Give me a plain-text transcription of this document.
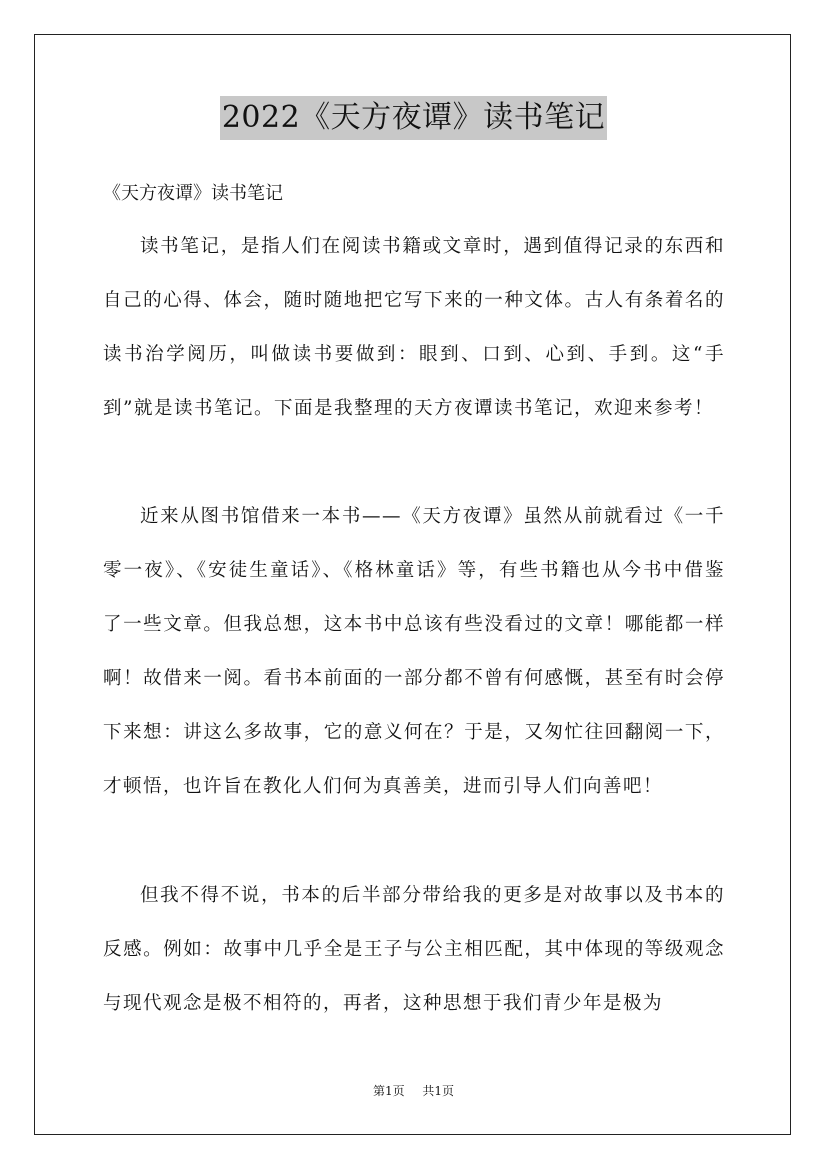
2022《天方夜谭》读书笔记
《天方夜谭》读书笔记

读书笔记，是指人们在阅读书籍或文章时，遇到值得记录的东西和自己的心得、体会，随时随地把它写下来的一种文体。古人有条着名的读书治学阅历，叫做读书要做到：眼到、口到、心到、手到。这“手到”就是读书笔记。下面是我整理的天方夜谭读书笔记，欢迎来参考！

近来从图书馆借来一本书——《天方夜谭》虽然从前就看过《一千零一夜》、《安徒生童话》、《格林童话》等，有些书籍也从今书中借鉴了一些文章。但我总想，这本书中总该有些没看过的文章！哪能都一样啊！故借来一阅。看书本前面的一部分都不曾有何感慨，甚至有时会停下来想：讲这么多故事，它的意义何在？于是，又匆忙往回翻阅一下，才顿悟，也许旨在教化人们何为真善美，进而引导人们向善吧！

但我不得不说，书本的后半部分带给我的更多是对故事以及书本的反感。例如：故事中几乎全是王子与公主相匹配，其中体现的等级观念与现代观念是极不相符的，再者，这种思想于我们青少年是极为

第1页 共1页
